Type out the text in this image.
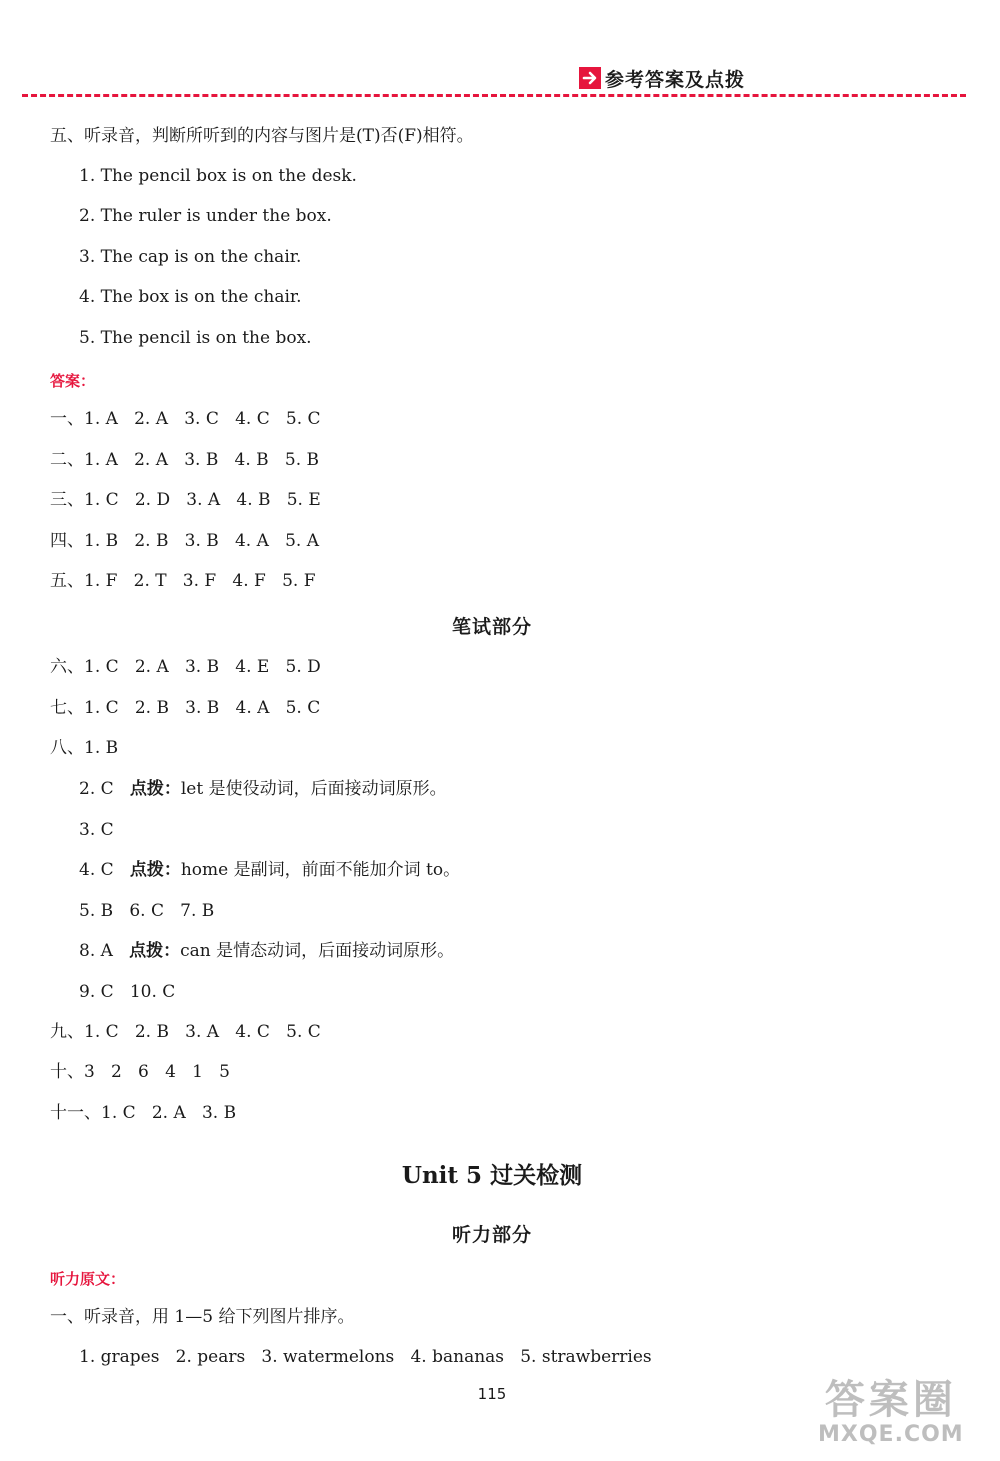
参考答案及点拨
五、听录音，判断所听到的内容与图片是(T)否(F)相符。
1. The pencil box is on the desk.
2. The ruler is under the box.
3. The cap is on the chair.
4. The box is on the chair.
5. The pencil is on the box.
答案：
一、1. A   2. A   3. C   4. C   5. C
二、1. A   2. A   3. B   4. B   5. B
三、1. C   2. D   3. A   4. B   5. E
四、1. B   2. B   3. B   4. A   5. A
五、1. F   2. T   3. F   4. F   5. F
笔试部分
六、1. C   2. A   3. B   4. E   5. D
七、1. C   2. B   3. B   4. A   5. C
八、1. B
2. C 点拨：let 是使役动词，后面接动词原形。
3. C
4. C 点拨：home 是副词，前面不能加介词 to。
5. B   6. C   7. B
8. A 点拨：can 是情态动词，后面接动词原形。
9. C   10. C
九、1. C   2. B   3. A   4. C   5. C
十、3   2   6   4   1   5
十一、1. C   2. A   3. B
Unit 5 过关检测
听力部分
听力原文：
一、听录音，用 1—5 给下列图片排序。
1. grapes   2. pears   3. watermelons   4. bananas   5. strawberries
115	答案圈
MXQE.COM
